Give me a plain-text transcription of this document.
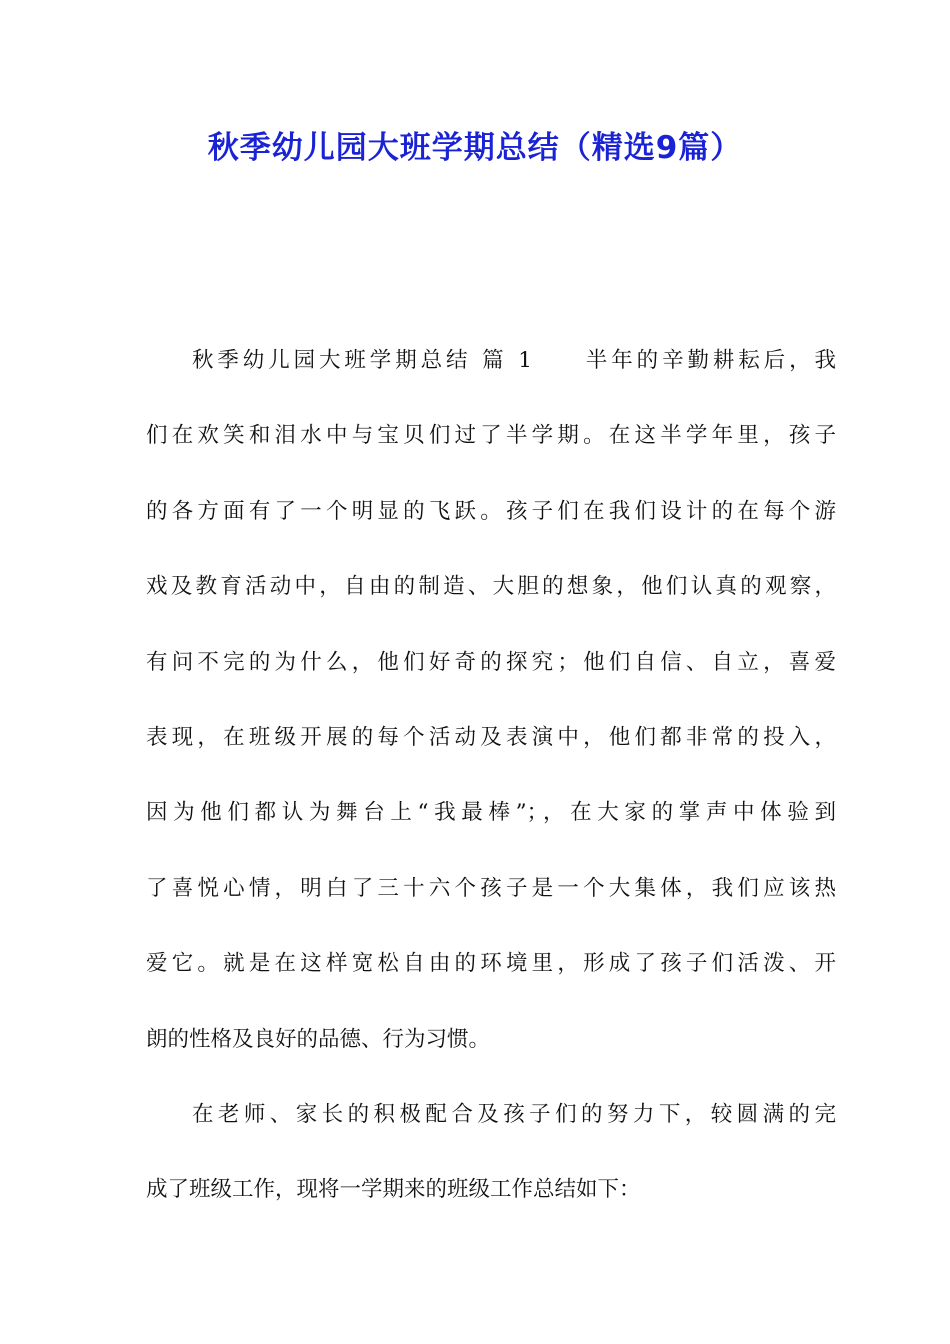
秋季幼儿园大班学期总结（精选9篇）
秋季幼儿园大班学期总结 篇 1 半年的辛勤耕耘后，我
们在欢笑和泪水中与宝贝们过了半学期。在这半学年里，孩子
的各方面有了一个明显的飞跃。孩子们在我们设计的在每个游
戏及教育活动中，自由的制造、大胆的想象，他们认真的观察，
有问不完的为什么，他们好奇的探究；他们自信、自立，喜爱
表现，在班级开展的每个活动及表演中，他们都非常的投入，
因为他们都认为舞台上“我最棒”；，在大家的掌声中体验到
了喜悦心情，明白了三十六个孩子是一个大集体，我们应该热
爱它。就是在这样宽松自由的环境里，形成了孩子们活泼、开
朗的性格及良好的品德、行为习惯。
在老师、家长的积极配合及孩子们的努力下，较圆满的完
成了班级工作，现将一学期来的班级工作总结如下：
